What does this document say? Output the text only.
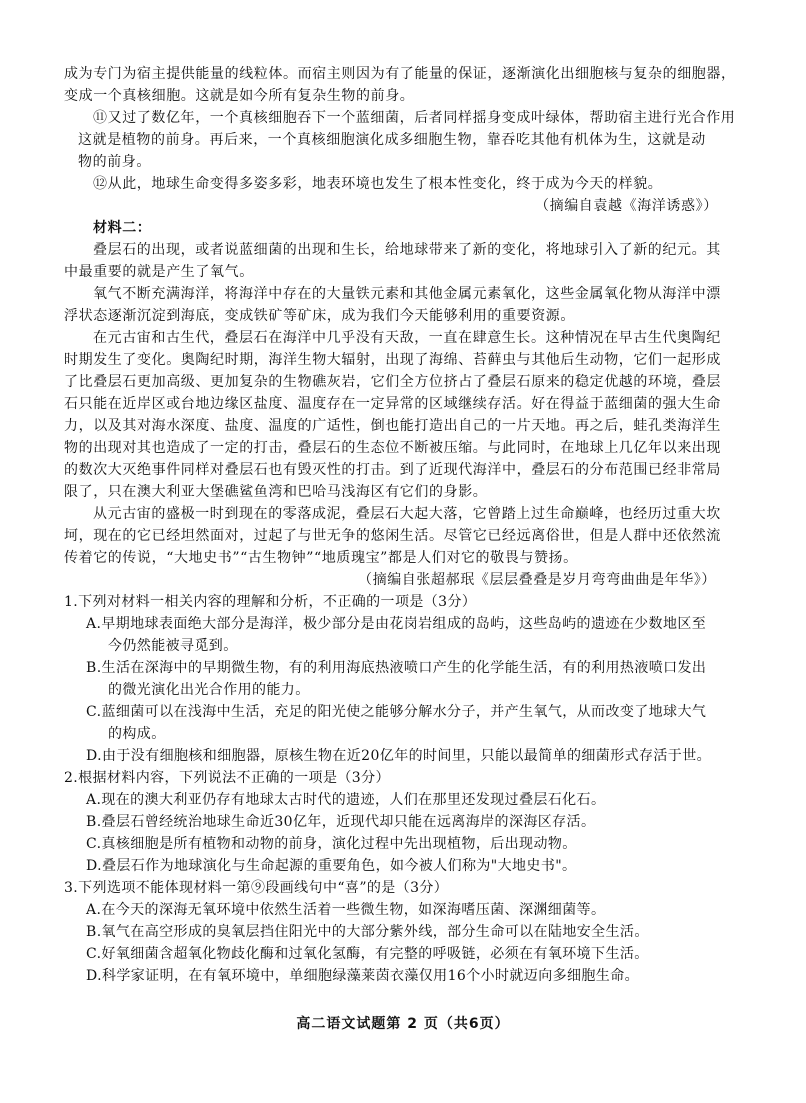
成为专门为宿主提供能量的线粒体。而宿主则因为有了能量的保证，逐渐演化出细胞核与复杂的细胞器，
变成一个真核细胞。这就是如今所有复杂生物的前身。
⑪又过了数亿年，一个真核细胞吞下一个蓝细菌，后者同样摇身变成叶绿体，帮助宿主进行光合作用
这就是植物的前身。再后来，一个真核细胞演化成多细胞生物，靠吞吃其他有机体为生，这就是动
物的前身。
⑫从此，地球生命变得多姿多彩，地表环境也发生了根本性变化，终于成为今天的样貌。
（摘编自袁越《海洋诱惑》）
材料二：
叠层石的出现，或者说蓝细菌的出现和生长，给地球带来了新的变化，将地球引入了新的纪元。其
中最重要的就是产生了氧气。
氧气不断充满海洋，将海洋中存在的大量铁元素和其他金属元素氧化，这些金属氧化物从海洋中漂
浮状态逐渐沉淀到海底，变成铁矿等矿床，成为我们今天能够利用的重要资源。
在元古宙和古生代，叠层石在海洋中几乎没有天敌，一直在肆意生长。这种情况在早古生代奥陶纪
时期发生了变化。奥陶纪时期，海洋生物大辐射，出现了海绵、苔藓虫与其他后生动物，它们一起形成
了比叠层石更加高级、更加复杂的生物礁灰岩，它们全方位挤占了叠层石原来的稳定优越的环境，叠层
石只能在近岸区或台地边缘区盐度、温度存在一定异常的区域继续存活。好在得益于蓝细菌的强大生命
力，以及其对海水深度、盐度、温度的广适性，倒也能打造出自己的一片天地。再之后，蛙孔类海洋生
物的出现对其也造成了一定的打击，叠层石的生态位不断被压缩。与此同时，在地球上几亿年以来出现
的数次大灭绝事件同样对叠层石也有毁灭性的打击。到了近现代海洋中，叠层石的分布范围已经非常局
限了，只在澳大利亚大堡礁鲨鱼湾和巴哈马浅海区有它们的身影。
从元古宙的盛极一时到现在的零落成泥，叠层石大起大落，它曾踏上过生命巅峰，也经历过重大坎
坷，现在的它已经坦然面对，过起了与世无争的悠闲生活。尽管它已经远离俗世，但是人群中还依然流
传着它的传说，“大地史书”“古生物钟”“地质瑰宝”都是人们对它的敬畏与赞扬。
（摘编自张超郝珉《层层叠叠是岁月弯弯曲曲是年华》）
1.下列对材料一相关内容的理解和分析，不正确的一项是（3分）
A.早期地球表面绝大部分是海洋，极少部分是由花岗岩组成的岛屿，这些岛屿的遗迹在少数地区至
今仍然能被寻觅到。
B.生活在深海中的早期微生物，有的利用海底热液喷口产生的化学能生活，有的利用热液喷口发出
的微光演化出光合作用的能力。
C.蓝细菌可以在浅海中生活，充足的阳光使之能够分解水分子，并产生氧气，从而改变了地球大气
的构成。
D.由于没有细胞核和细胞器，原核生物在近20亿年的时间里，只能以最简单的细菌形式存活于世。
2.根据材料内容，下列说法不正确的一项是（3分）
A.现在的澳大利亚仍存有地球太古时代的遗迹，人们在那里还发现过叠层石化石。
B.叠层石曾经统治地球生命近30亿年，近现代却只能在远离海岸的深海区存活。
C.真核细胞是所有植物和动物的前身，演化过程中先出现植物，后出现动物。
D.叠层石作为地球演化与生命起源的重要角色，如今被人们称为"大地史书"。
3.下列选项不能体现材料一第⑨段画线句中“喜”的是（3分）
A.在今天的深海无氧环境中依然生活着一些微生物，如深海嗜压菌、深渊细菌等。
B.氧气在高空形成的臭氧层挡住阳光中的大部分紫外线，部分生命可以在陆地安全生活。
C.好氧细菌含超氧化物歧化酶和过氧化氢酶，有完整的呼吸链，必须在有氧环境下生活。
D.科学家证明，在有氧环境中，单细胞绿藻莱茵衣藻仅用16个小时就迈向多细胞生命。
高二语文试题第 2 页（共6页）
